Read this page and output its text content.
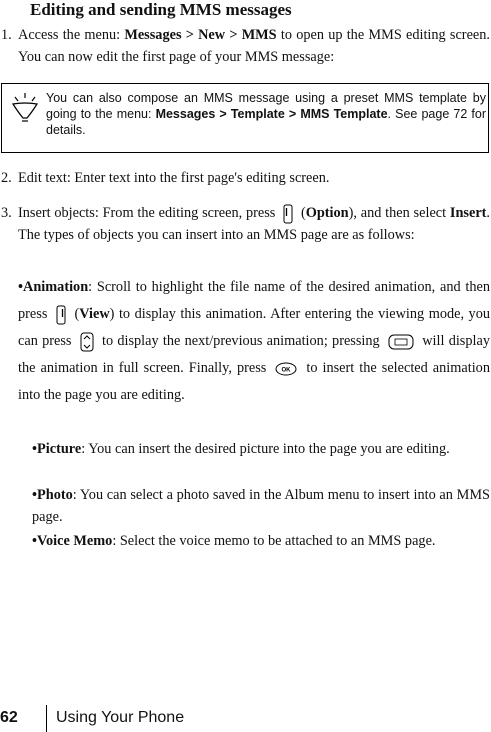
Editing and sending MMS messages
1. Access the menu: Messages > New > MMS to open up the MMS editing screen. You can now edit the first page of your MMS message:
You can also compose an MMS message using a preset MMS template by going to the menu: Messages > Template > MMS Template. See page 72 for details.
2. Edit text: Enter text into the first page's editing screen.
3. Insert objects: From the editing screen, press  (Option), and then select Insert. The types of objects you can insert into an MMS page are as follows:
•Animation: Scroll to highlight the file name of the desired animation, and then press  (View) to display this animation. After entering the viewing mode, you can press to display the next/previous animation; pressing	will display the animation in full screen. Finally, press	OK to insert the selected animation into the page you are editing.
•Picture: You can insert the desired picture into the page you are editing.
•Photo: You can select a photo saved in the Album menu to insert into an MMS page.
•Voice Memo: Select the voice memo to be attached to an MMS page.
62 Using Your Phone
